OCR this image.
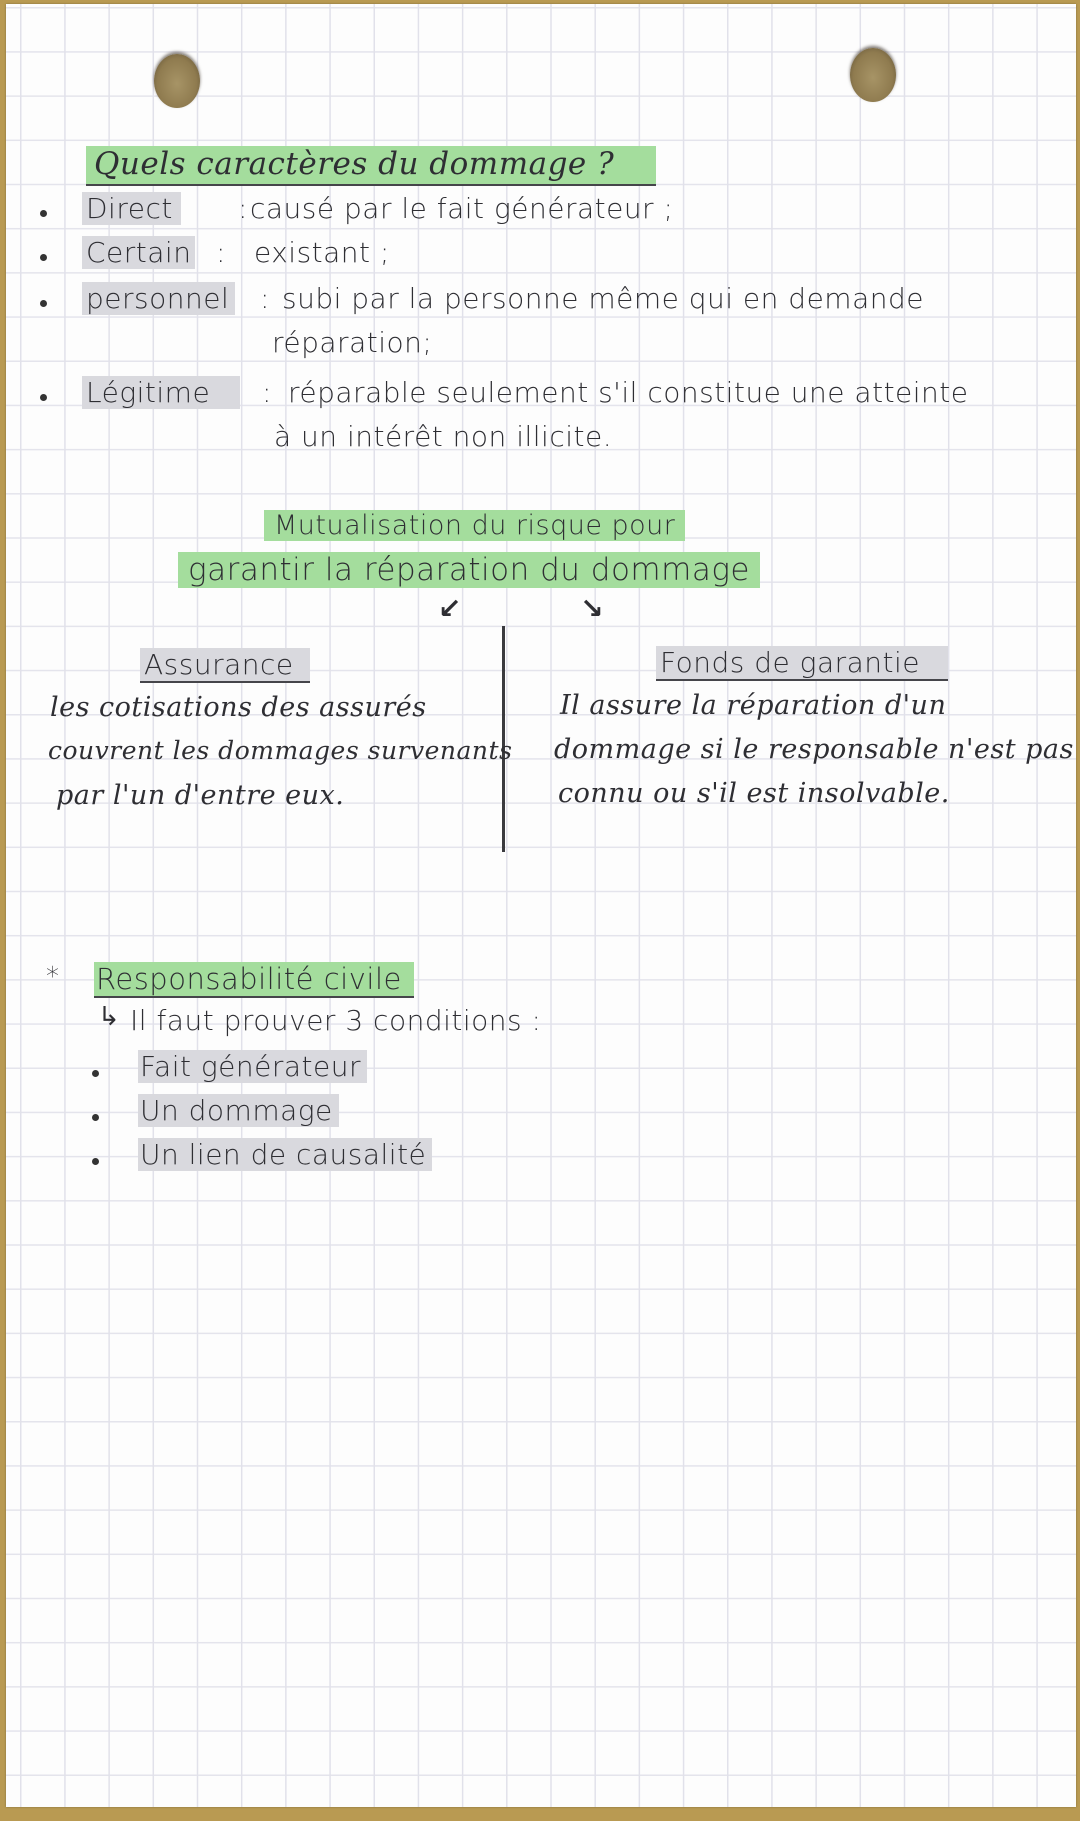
Quels caractères du dommage ?
Direct : causé par le fait générateur ;
Certain : existant ;
personnel : subi par la personne même qui en demande
réparation;
Légitime	: réparable seulement s'il constitue une atteinte
à un intérêt non illicite.
Mutualisation du risque pour
garantir la réparation du dommage
↙	↘
Assurance
les cotisations des assurés
couvrent les dommages survenants
par l'un d'entre eux.
Fonds de garantie
Il assure la réparation d'un
dommage si le responsable n'est pas
connu ou s'il est insolvable.
* Responsabilité civile
↳ Il faut prouver 3 conditions :
Fait générateur
Un dommage
Un lien de causalité
